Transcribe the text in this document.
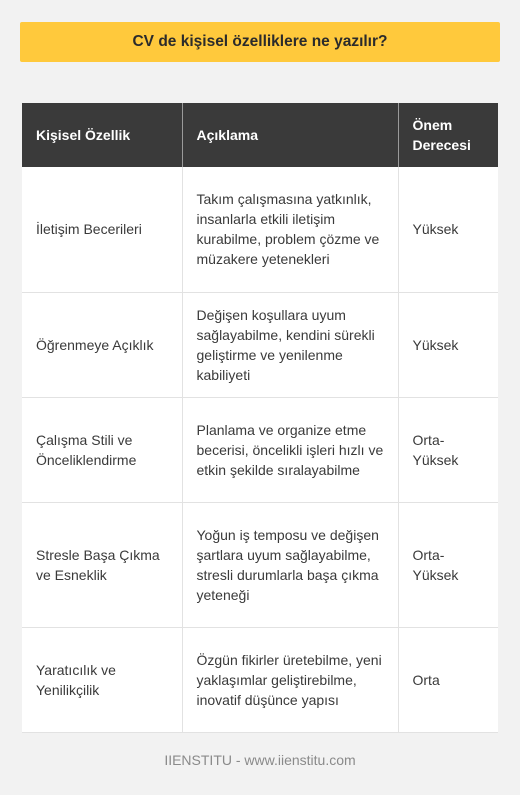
CV de kişisel özelliklere ne yazılır?
Kişisel Özellik	Açıklama	Önem Derecesi
İletişim Becerileri	Takım çalışmasına yatkınlık, insanlarla etkili iletişim kurabilme, problem çözme ve müzakere yetenekleri	Yüksek
Öğrenmeye Açıklık	Değişen koşullara uyum sağlayabilme, kendini sürekli geliştirme ve yenilenme kabiliyeti	Yüksek
Çalışma Stili ve Önceliklendirme	Planlama ve organize etme becerisi, öncelikli işleri hızlı ve etkin şekilde sıralayabilme	Orta-Yüksek
Stresle Başa Çıkma ve Esneklik	Yoğun iş temposu ve değişen şartlara uyum sağlayabilme, stresli durumlarla başa çıkma yeteneği	Orta-Yüksek
Yaratıcılık ve Yenilikçilik	Özgün fikirler üretebilme, yeni yaklaşımlar geliştirebilme, inovatif düşünce yapısı	Orta
IIENSTITU - www.iienstitu.com
